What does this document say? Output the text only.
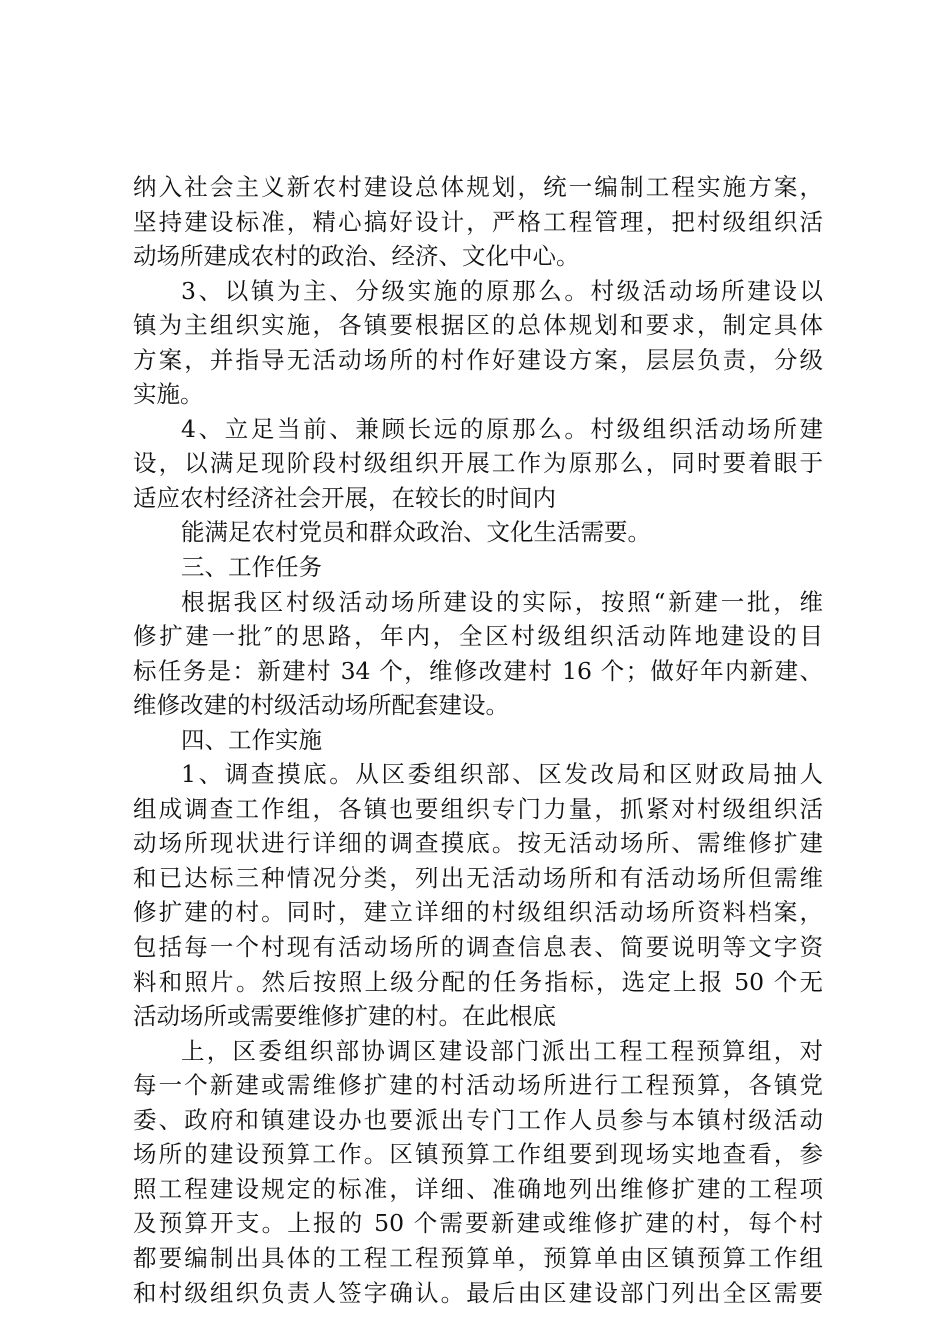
纳入社会主义新农村建设总体规划，统一编制工程实施方案，
坚持建设标准，精心搞好设计，严格工程管理，把村级组织活
动场所建成农村的政治、经济、文化中心。
3、以镇为主、分级实施的原那么。村级活动场所建设以
镇为主组织实施，各镇要根据区的总体规划和要求，制定具体
方案，并指导无活动场所的村作好建设方案，层层负责，分级
实施。
4、立足当前、兼顾长远的原那么。村级组织活动场所建
设，以满足现阶段村级组织开展工作为原那么，同时要着眼于
适应农村经济社会开展，在较长的时间内
能满足农村党员和群众政治、文化生活需要。
三、工作任务
根据我区村级活动场所建设的实际，按照“新建一批，维
修扩建一批″的思路，年内，全区村级组织活动阵地建设的目
标任务是：新建村 34 个，维修改建村 16 个；做好年内新建、
维修改建的村级活动场所配套建设。
四、工作实施
1、调查摸底。从区委组织部、区发改局和区财政局抽人
组成调查工作组，各镇也要组织专门力量，抓紧对村级组织活
动场所现状进行详细的调查摸底。按无活动场所、需维修扩建
和已达标三种情况分类，列出无活动场所和有活动场所但需维
修扩建的村。同时，建立详细的村级组织活动场所资料档案，
包括每一个村现有活动场所的调查信息表、简要说明等文字资
料和照片。然后按照上级分配的任务指标，选定上报 50 个无
活动场所或需要维修扩建的村。在此根底
上，区委组织部协调区建设部门派出工程工程预算组，对
每一个新建或需维修扩建的村活动场所进行工程预算，各镇党
委、政府和镇建设办也要派出专门工作人员参与本镇村级活动
场所的建设预算工作。区镇预算工作组要到现场实地查看，参
照工程建设规定的标准，详细、准确地列出维修扩建的工程项
及预算开支。上报的 50 个需要新建或维修扩建的村，每个村
都要编制出具体的工程工程预算单，预算单由区镇预算工作组
和村级组织负责人签字确认。最后由区建设部门列出全区需要
